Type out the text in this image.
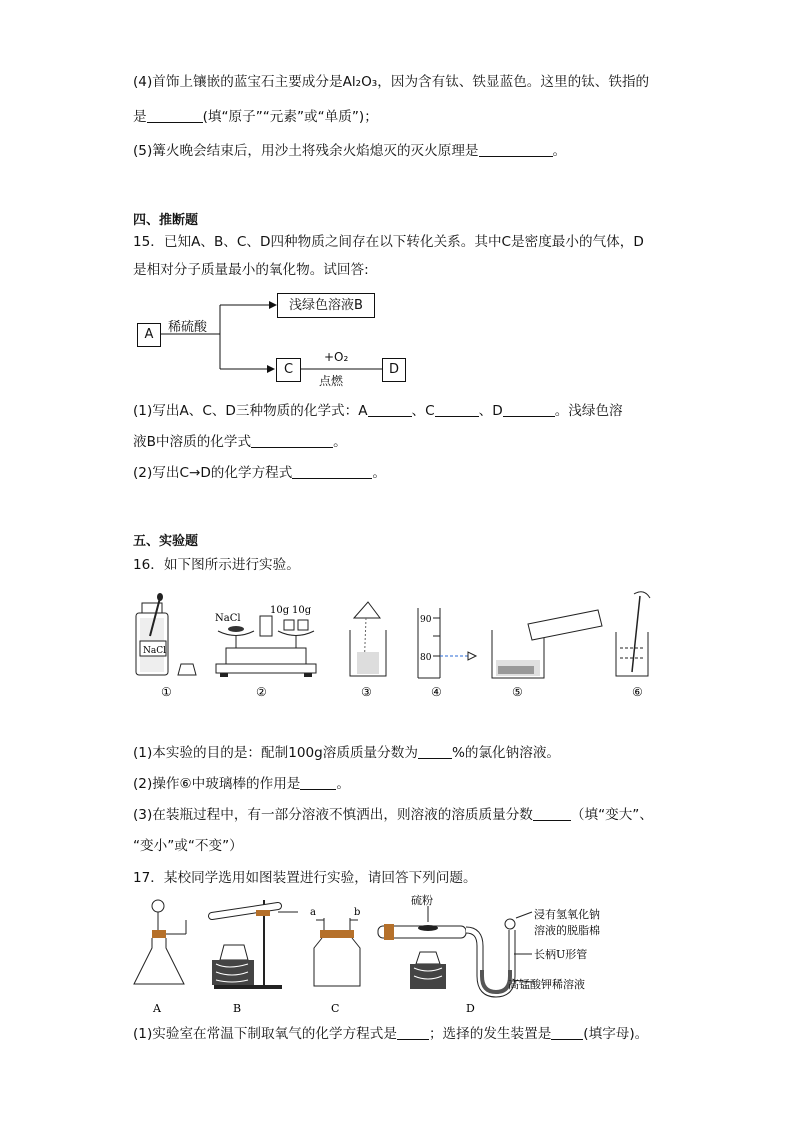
(4)首饰上镶嵌的蓝宝石主要成分是Al₂O₃，因为含有钛、铁显蓝色。这里的钛、铁指的
是	(填“原子”“元素”或“单质”)；
(5)篝火晚会结束后，用沙土将残余火焰熄灭的灭火原理是	。
四、推断题
15．已知A、B、C、D四种物质之间存在以下转化关系。其中C是密度最小的气体，D
是相对分子质量最小的氧化物。试回答:
A	稀硫酸
浅绿色溶液B
C
+O₂
点燃
D
(1)写出A、C、D三种物质的化学式：A	、C	、D	。浅绿色溶
液B中溶质的化学式	。
(2)写出C→D的化学方程式	。
五、实验题
16．如下图所示进行实验。
NaCl
NaCl
10g 10g
90
80
①	②	③	④	⑤	⑥
(1)本实验的目的是：配制100g溶质质量分数为	%的氯化钠溶液。
(2)操作⑥中玻璃棒的作用是	。
(3)在装瓶过程中，有一部分溶液不慎洒出，则溶液的溶质质量分数	（填“变大”、
“变小”或“不变”）
17．某校同学选用如图装置进行实验，请回答下列问题。
a	b
硫粉
浸有氢氧化钠
溶液的脱脂棉
长柄U形管
高锰酸钾稀溶液
A	B	C	D
(1)实验室在常温下制取氧气的化学方程式是 ；选择的发生装置是 (填字母)。
